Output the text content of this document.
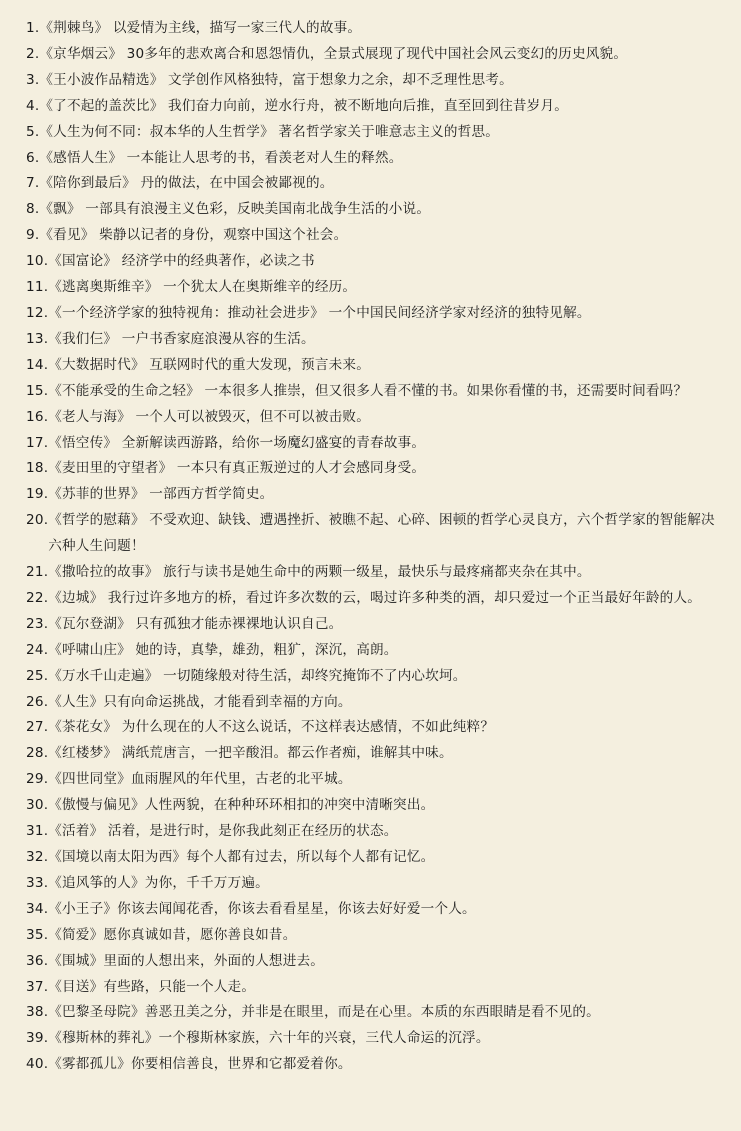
1. 《荆棘鸟》 以爱情为主线，描写一家三代人的故事。
2. 《京华烟云》 30多年的悲欢离合和恩怨情仇，全景式展现了现代中国社会风云变幻的历史风貌。
3. 《王小波作品精选》 文学创作风格独特，富于想象力之余，却不乏理性思考。
4. 《了不起的盖茨比》 我们奋力向前，逆水行舟，被不断地向后推，直至回到往昔岁月。
5. 《人生为何不同：叔本华的人生哲学》 著名哲学家关于唯意志主义的哲思。
6. 《感悟人生》 一本能让人思考的书，看羡老对人生的释然。
7. 《陪你到最后》 丹的做法，在中国会被鄙视的。
8. 《飘》 一部具有浪漫主义色彩，反映美国南北战争生活的小说。
9. 《看见》 柴静以记者的身份，观察中国这个社会。
10. 《国富论》 经济学中的经典著作，必读之书
11. 《逃离奥斯维辛》 一个犹太人在奥斯维辛的经历。
12. 《一个经济学家的独特视角：推动社会进步》 一个中国民间经济学家对经济的独特见解。
13. 《我们仨》 一户书香家庭浪漫从容的生活。
14. 《大数据时代》 互联网时代的重大发现，预言未来。
15. 《不能承受的生命之轻》 一本很多人推崇，但又很多人看不懂的书。如果你看懂的书，还需要时间看吗？
16. 《老人与海》 一个人可以被毁灭，但不可以被击败。
17. 《悟空传》 全新解读西游路，给你一场魔幻盛宴的青春故事。
18. 《麦田里的守望者》 一本只有真正叛逆过的人才会感同身受。
19. 《苏菲的世界》 一部西方哲学简史。
20. 《哲学的慰藉》 不受欢迎、缺钱、遭遇挫折、被瞧不起、心碎、困顿的哲学心灵良方，六个哲学家的智能解决六种人生问题！
21. 《撒哈拉的故事》 旅行与读书是她生命中的两颗一级星，最快乐与最疼痛都夹杂在其中。
22. 《边城》 我行过许多地方的桥，看过许多次数的云，喝过许多种类的酒，却只爱过一个正当最好年龄的人。
23. 《瓦尔登湖》 只有孤独才能赤裸裸地认识自己。
24. 《呼啸山庄》 她的诗，真挚，雄劲，粗犷，深沉，高朗。
25. 《万水千山走遍》 一切随缘般对待生活，却终究掩饰不了内心坎坷。
26. 《人生》只有向命运挑战，才能看到幸福的方向。
27. 《茶花女》 为什么现在的人不这么说话，不这样表达感情，不如此纯粹？
28. 《红楼梦》 满纸荒唐言，一把辛酸泪。都云作者痴，谁解其中味。
29. 《四世同堂》血雨腥风的年代里，古老的北平城。
30. 《傲慢与偏见》人性两貌，在种种环环相扣的冲突中清晰突出。
31. 《活着》 活着，是进行时，是你我此刻正在经历的状态。
32. 《国境以南太阳为西》每个人都有过去，所以每个人都有记忆。
33. 《追风筝的人》为你，千千万万遍。
34. 《小王子》你该去闻闻花香，你该去看看星星，你该去好好爱一个人。
35. 《简爱》愿你真诚如昔，愿你善良如昔。
36. 《围城》里面的人想出来，外面的人想进去。
37. 《目送》有些路，只能一个人走。
38. 《巴黎圣母院》善恶丑美之分，并非是在眼里，而是在心里。本质的东西眼睛是看不见的。
39. 《穆斯林的葬礼》一个穆斯林家族，六十年的兴衰，三代人命运的沉浮。
40. 《雾都孤儿》你要相信善良，世界和它都爱着你。
